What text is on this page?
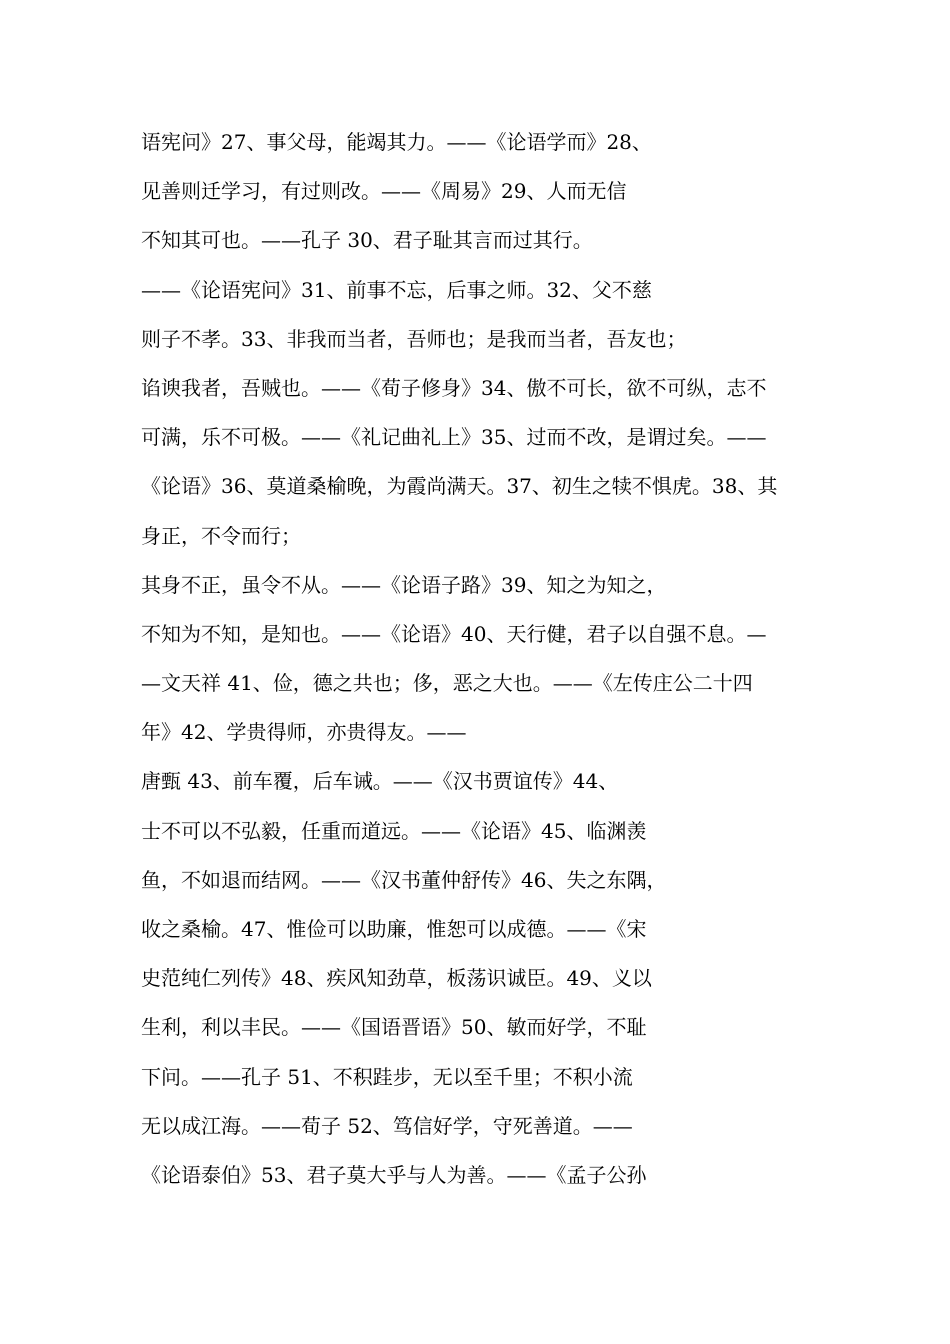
语宪问》27、事父母，能竭其力。——《论语学而》28、
见善则迁学习，有过则改。——《周易》29、人而无信
不知其可也。——孔子 30、君子耻其言而过其行。
——《论语宪问》31、前事不忘，后事之师。32、父不慈
则子不孝。33、非我而当者，吾师也；是我而当者，吾友也；
谄谀我者，吾贼也。——《荀子修身》34、傲不可长，欲不可纵，志不
可满，乐不可极。——《礼记曲礼上》35、过而不改，是谓过矣。——
《论语》36、莫道桑榆晚，为霞尚满天。37、初生之犊不惧虎。38、其
身正，不令而行；
其身不正，虽令不从。——《论语子路》39、知之为知之，
不知为不知，是知也。——《论语》40、天行健，君子以自强不息。—
—文天祥 41、俭，德之共也；侈，恶之大也。——《左传庄公二十四
年》42、学贵得师，亦贵得友。——
唐甄 43、前车覆，后车诫。——《汉书贾谊传》44、
士不可以不弘毅，任重而道远。——《论语》45、临渊羡
鱼，不如退而结网。——《汉书董仲舒传》46、失之东隅，
收之桑榆。47、惟俭可以助廉，惟恕可以成德。——《宋
史范纯仁列传》48、疾风知劲草，板荡识诚臣。49、义以
生利，利以丰民。——《国语晋语》50、敏而好学，不耻
下问。——孔子 51、不积跬步，无以至千里；不积小流
无以成江海。——荀子 52、笃信好学，守死善道。——
《论语泰伯》53、君子莫大乎与人为善。——《孟子公孙
